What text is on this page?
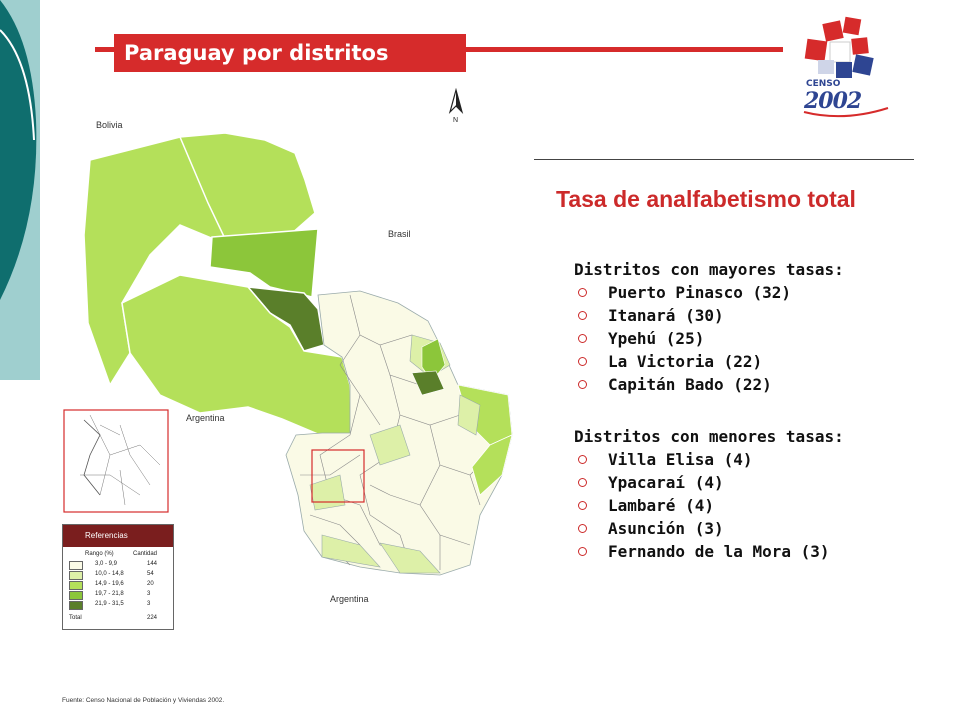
Paraguay por distritos
CENSO
2002
N
Bolivia
Brasil
Argentina
Argentina
Tasa de analfabetismo total
Distritos con mayores tasas:
Puerto Pinasco (32)
Itanará (30)
Ypehú (25)
La Victoria (22)
Capitán Bado (22)
Distritos con menores tasas:
Villa Elisa (4)
Ypacaraí (4)
Lambaré (4)
Asunción (3)
Fernando de la Mora (3)
Referencias
Rango (%)	Cantidad
3,0 - 9,9	144
10,0 - 14,8	54
14,9 - 19,6	20
19,7 - 21,8	3
21,9 - 31,5	3
Total	224
Fuente: Censo Nacional de Población y Viviendas 2002.
